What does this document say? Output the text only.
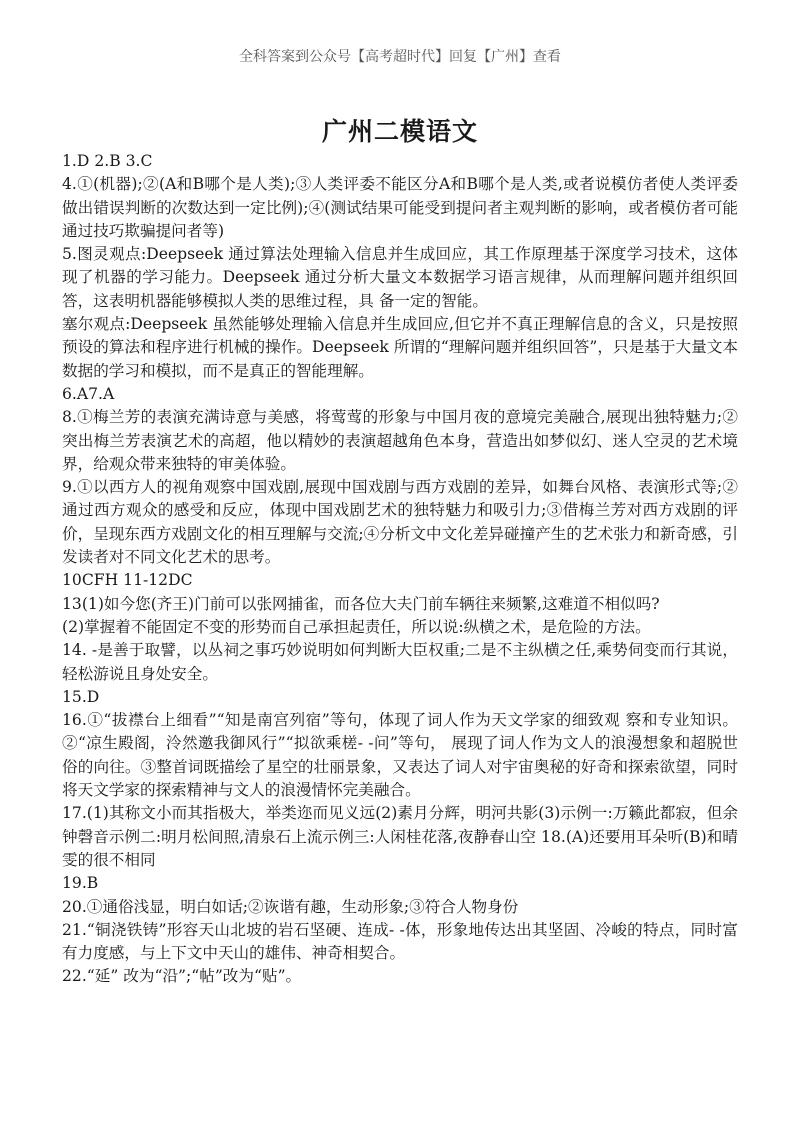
全科答案到公众号【高考超时代】回复【广州】查看
广州二模语文

1.D 2.B 3.C

4.①(机器);②(A和B哪个是人类);③人类评委不能区分A和B哪个是人类,或者说模仿者使人类评委做出错误判断的次数达到一定比例);④(测试结果可能受到提问者主观判断的影响，或者模仿者可能通过技巧欺骗提问者等)

5.图灵观点:Deepseek 通过算法处理输入信息并生成回应，其工作原理基于深度学习技术，这体现了机器的学习能力。Deepseek 通过分析大量文本数据学习语言规律，从而理解问题并组织回答，这表明机器能够模拟人类的思维过程，具 备一定的智能。

塞尔观点:Deepseek 虽然能够处理输入信息并生成回应,但它并不真正理解信息的含义，只是按照预设的算法和程序进行机械的操作。Deepseek 所谓的“理解问题并组织回答”，只是基于大量文本数据的学习和模拟，而不是真正的智能理解。

6.A7.A

8.①梅兰芳的表演充满诗意与美感，将莺莺的形象与中国月夜的意境完美融合,展现出独特魅力;②突出梅兰芳表演艺术的高超，他以精妙的表演超越角色本身，营造出如梦似幻、迷人空灵的艺术境界，给观众带来独特的审美体验。

9.①以西方人的视角观察中国戏剧,展现中国戏剧与西方戏剧的差异，如舞台风格、表演形式等;②通过西方观众的感受和反应，体现中国戏剧艺术的独特魅力和吸引力;③借梅兰芳对西方戏剧的评价，呈现东西方戏剧文化的相互理解与交流;④分析文中文化差异碰撞产生的艺术张力和新奇感，引发读者对不同文化艺术的思考。

10CFH 11-12DC

13(1)如今您(齐王)门前可以张网捕雀，而各位大夫门前车辆往来频繁,这难道不相似吗?

(2)掌握着不能固定不变的形势而自己承担起责任，所以说:纵横之术，是危险的方法。

14. -是善于取譬，以丛祠之事巧妙说明如何判断大臣权重;二是不主纵横之任,乘势伺变而行其说，轻松游说且身处安全。

15.D

16.①“拔襟台上细看”“知是南宫列宿”等句，体现了词人作为天文学家的细致观 察和专业知识。②“凉生殿阁，泠然邀我御风行”“拟欲乘槎- -问”等句， 展现了词人作为文人的浪漫想象和超脱世俗的向往。③整首词既描绘了星空的壮丽景象，又表达了词人对宇宙奥秘的好奇和探索欲望，同时将天文学家的探索精神与文人的浪漫情怀完美融合。

17.(1)其称文小而其指极大，举类迩而见义远(2)素月分辉，明河共影(3)示例一:万籁此都寂，但余钟磬音示例二:明月松间照,清泉石上流示例三:人闲桂花落,夜静春山空 18.(A)还要用耳朵听(B)和晴雯的很不相同

19.B

20.①通俗浅显，明白如话;②诙谐有趣，生动形象;③符合人物身份

21.“铜浇铁铸”形容天山北坡的岩石坚硬、连成- -体，形象地传达出其坚固、冷峻的特点，同时富有力度感，与上下文中天山的雄伟、神奇相契合。

22.“延” 改为“沿”;“帖”改为“贴”。
